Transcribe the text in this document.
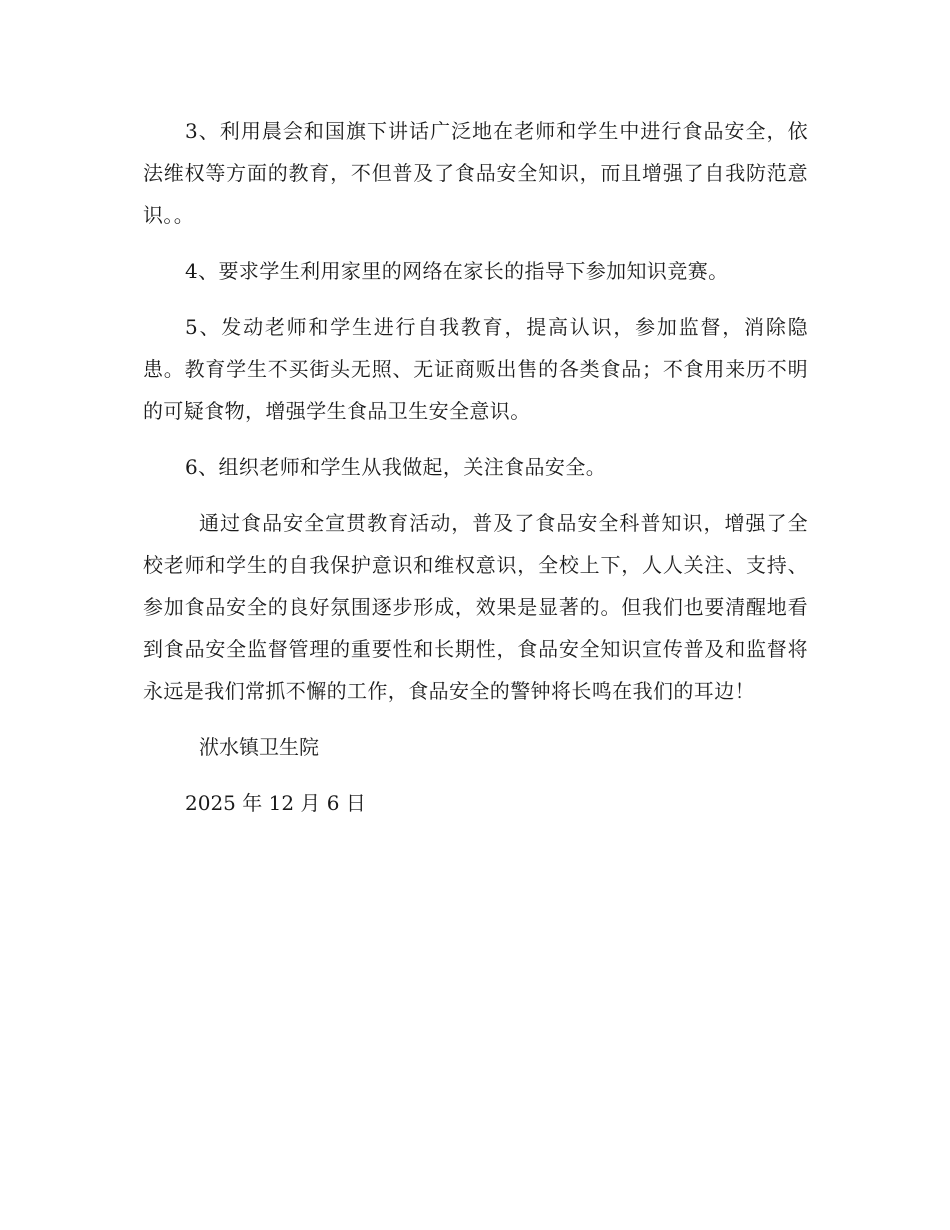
3、利用晨会和国旗下讲话广泛地在老师和学生中进行食品安全，依法维权等方面的教育，不但普及了食品安全知识，而且增强了自我防范意识。。

4、要求学生利用家里的网络在家长的指导下参加知识竞赛。

5、发动老师和学生进行自我教育，提高认识，参加监督，消除隐患。教育学生不买街头无照、无证商贩出售的各类食品；不食用来历不明的可疑食物，增强学生食品卫生安全意识。

6、组织老师和学生从我做起，关注食品安全。

通过食品安全宣贯教育活动，普及了食品安全科普知识，增强了全校老师和学生的自我保护意识和维权意识，全校上下，人人关注、支持、参加食品安全的良好氛围逐步形成，效果是显著的。但我们也要清醒地看到食品安全监督管理的重要性和长期性，食品安全知识宣传普及和监督将永远是我们常抓不懈的工作，食品安全的警钟将长鸣在我们的耳边！

洑水镇卫生院

2025 年 12 月 6 日
